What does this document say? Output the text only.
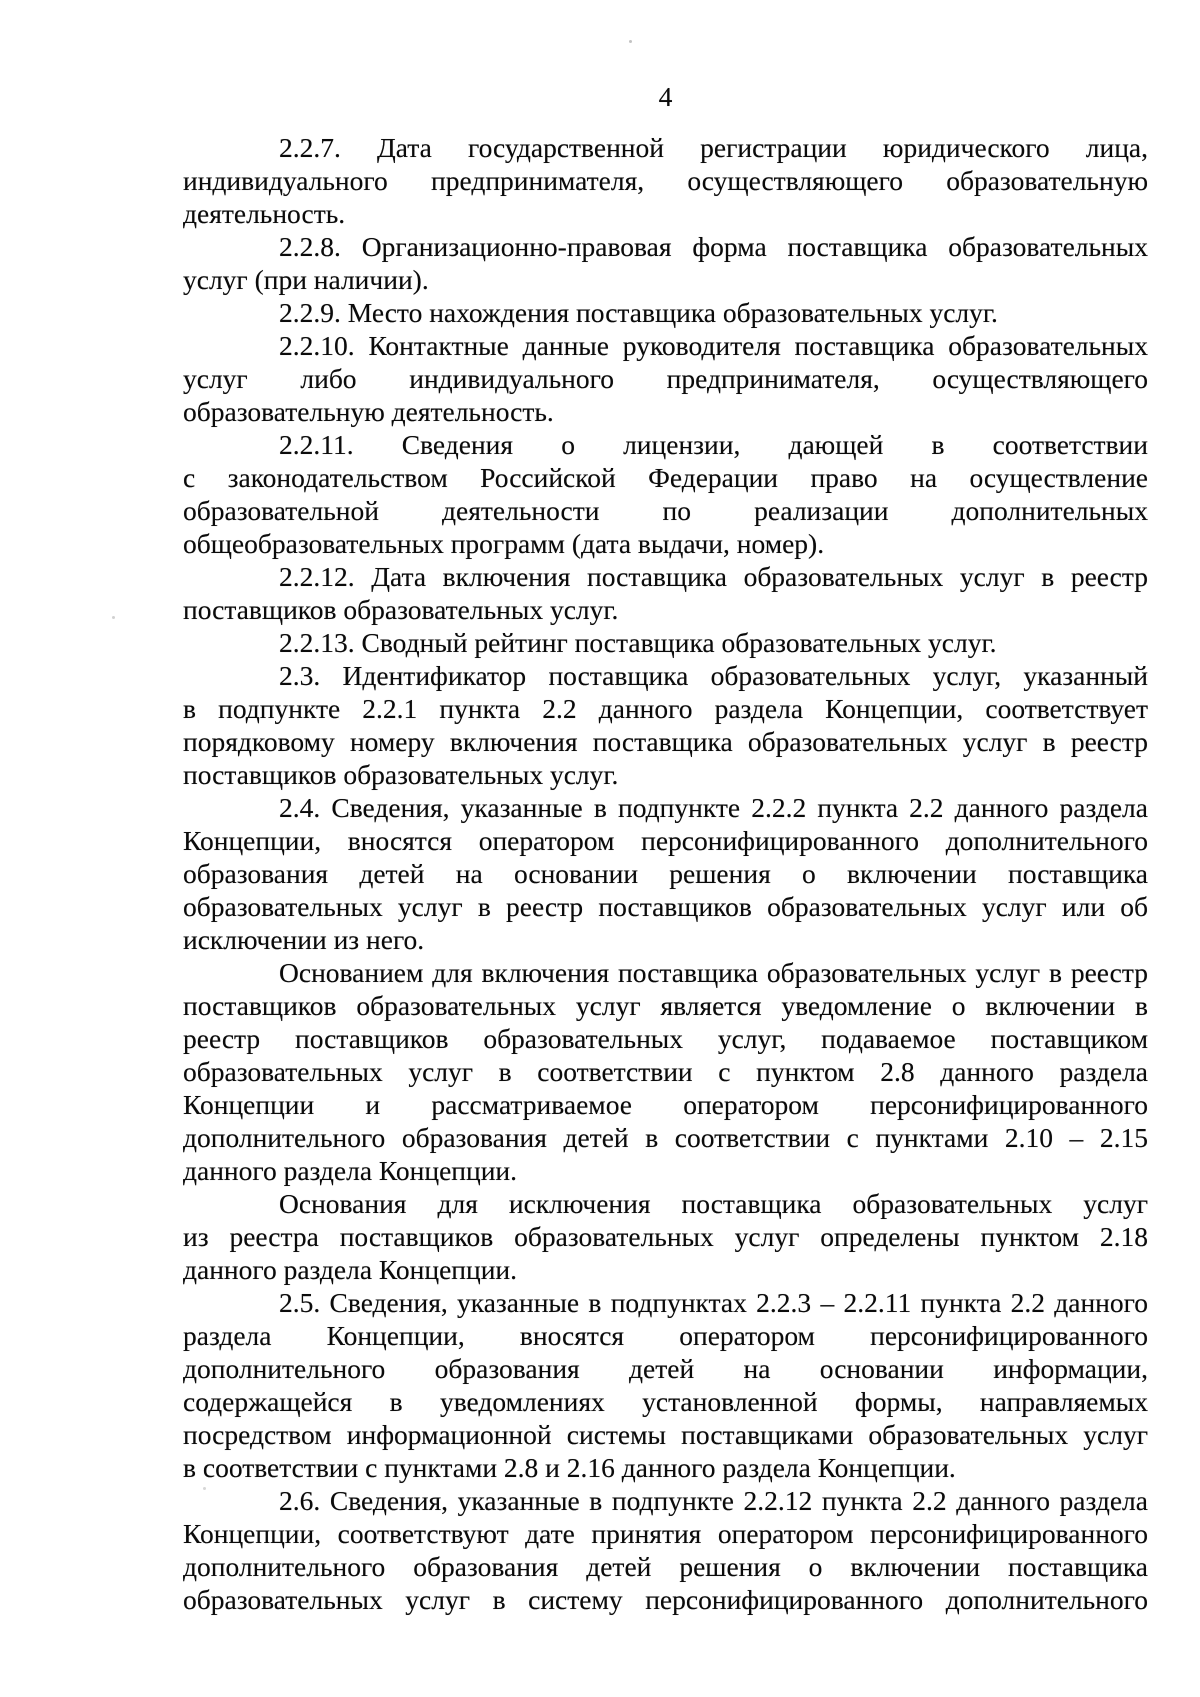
4
2.2.7. Дата государственной регистрации юридического лица,
индивидуального предпринимателя, осуществляющего образовательную
деятельность.
2.2.8. Организационно-правовая форма поставщика образовательных
услуг (при наличии).
2.2.9. Место нахождения поставщика образовательных услуг.
2.2.10. Контактные данные руководителя поставщика образовательных
услуг либо индивидуального предпринимателя, осуществляющего
образовательную деятельность.
2.2.11. Сведения о лицензии, дающей в соответствии
с законодательством Российской Федерации право на осуществление
образовательной деятельности по реализации дополнительных
общеобразовательных программ (дата выдачи, номер).
2.2.12. Дата включения поставщика образовательных услуг в реестр
поставщиков образовательных услуг.
2.2.13. Сводный рейтинг поставщика образовательных услуг.
2.3. Идентификатор поставщика образовательных услуг, указанный
в подпункте 2.2.1 пункта 2.2 данного раздела Концепции, соответствует
порядковому номеру включения поставщика образовательных услуг в реестр
поставщиков образовательных услуг.
2.4. Сведения, указанные в подпункте 2.2.2 пункта 2.2 данного раздела
Концепции, вносятся оператором персонифицированного дополнительного
образования детей на основании решения о включении поставщика
образовательных услуг в реестр поставщиков образовательных услуг или об
исключении из него.
Основанием для включения поставщика образовательных услуг в реестр
поставщиков образовательных услуг является уведомление о включении в
реестр поставщиков образовательных услуг, подаваемое поставщиком
образовательных услуг в соответствии с пунктом 2.8 данного раздела
Концепции и рассматриваемое оператором персонифицированного
дополнительного образования детей в соответствии с пунктами 2.10 – 2.15
данного раздела Концепции.
Основания для исключения поставщика образовательных услуг
из реестра поставщиков образовательных услуг определены пунктом 2.18
данного раздела Концепции.
2.5. Сведения, указанные в подпунктах 2.2.3 – 2.2.11 пункта 2.2 данного
раздела Концепции, вносятся оператором персонифицированного
дополнительного образования детей на основании информации,
содержащейся в уведомлениях установленной формы, направляемых
посредством информационной системы поставщиками образовательных услуг
в соответствии с пунктами 2.8 и 2.16 данного раздела Концепции.
2.6. Сведения, указанные в подпункте 2.2.12 пункта 2.2 данного раздела
Концепции, соответствуют дате принятия оператором персонифицированного
дополнительного образования детей решения о включении поставщика
образовательных услуг в систему персонифицированного дополнительного
